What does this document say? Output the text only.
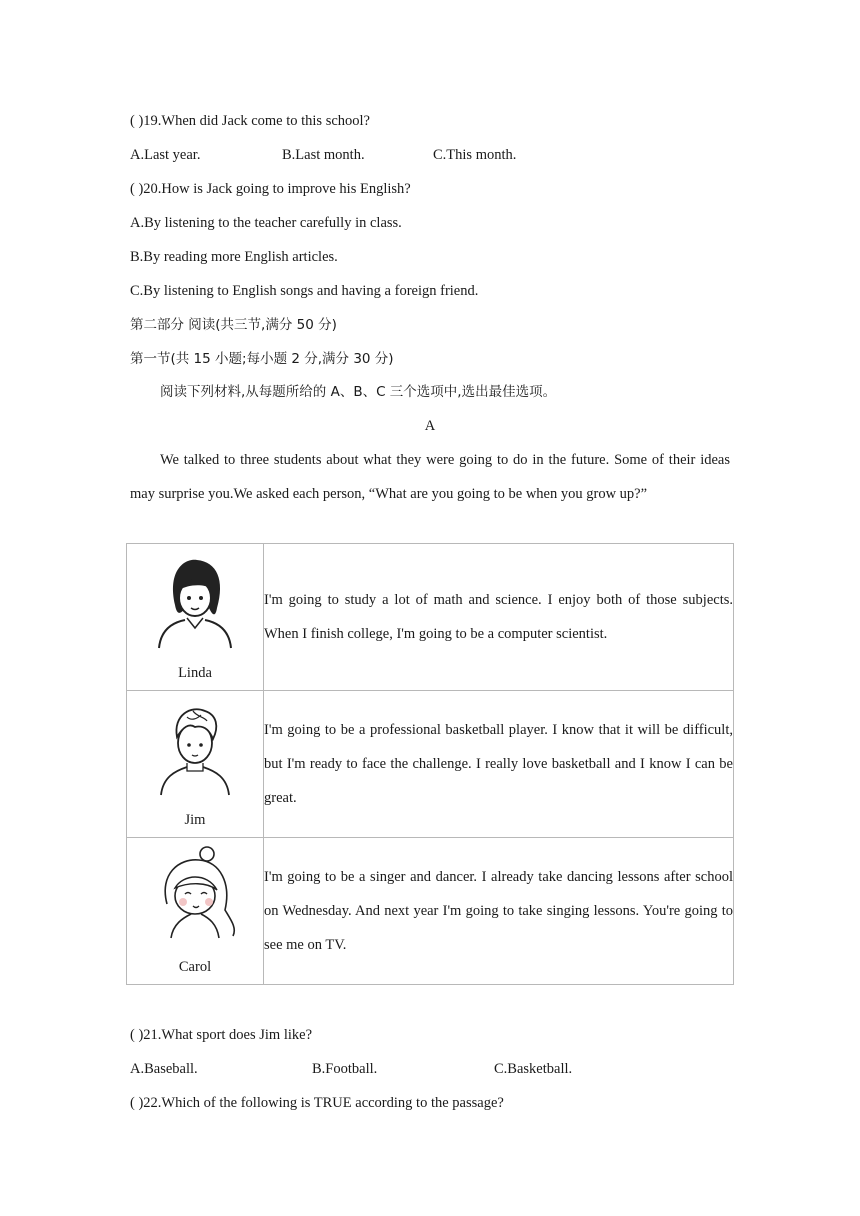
( )19.When did Jack come to this school?
A.Last year.	B.Last month.	C.This month.
( )20.How is Jack going to improve his English?
A.By listening to the teacher carefully in class.
B.By reading more English articles.
C.By listening to English songs and having a foreign friend.
第二部分 阅读(共三节,满分 50 分)
第一节(共 15 小题;每小题 2 分,满分 30 分)
阅读下列材料,从每题所给的 A、B、C 三个选项中,选出最佳选项。
A
We talked to three students about what they were going to do in the future. Some of their ideas may surprise you.We asked each person, “What are you going to be when you grow up?”
Linda	I'm going to study a lot of math and science. I enjoy both of those subjects. When I finish college, I'm going to be a computer scientist.

Jim	I'm going to be a professional basketball player. I know that it will be difficult, but I'm ready to face the challenge. I really love basketball and I know I can be great.

Carol	I'm going to be a singer and dancer. I already take dancing lessons after school on Wednesday. And next year I'm going to take singing lessons. You're going to see me on TV.
( )21.What sport does Jim like?
A.Baseball.	B.Football.	C.Basketball.
( )22.Which of the following is TRUE according to the passage?
